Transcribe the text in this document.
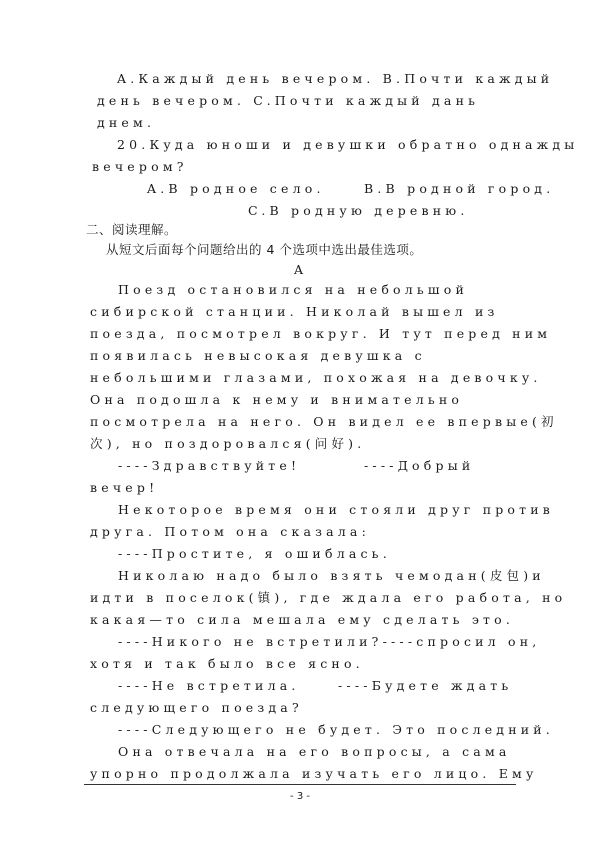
A.Каждый день вечером. B.Почти каждый
день вечером. C.Почти каждый дань
днем.
20.Куда юноши и девушки обратно однажды
вечером?
A.В родное село.	B.В родной город.
C.В родную деревню.
二、阅读理解。
从短文后面每个问题给出的 4 个选项中选出最佳选项。
A
Поезд остановился на небольшой
сибирской станции. Николай вышел из
поезда, посмотрел вокруг. И тут перед ним
появилась невысокая девушка с
небольшими глазами, похожая на девочку.
Она подошла к нему и внимательно
посмотрела на него. Он видел ее впервые(初
次), но поздоровался(问好).
----Здравствуйте!	----Добрый
вечер!
Некоторое время они стояли друг против
друга. Потом она сказала:
----Простите, я ошиблась.
Николаю надо было взять чемодан(皮包)и
идти в поселок(镇), где ждала его работа, но
какая—то сила мешала ему сделать это.
----Никого не встретили?----спросил он,
хотя и так было все ясно.
----Не встретила.	----Будете ждать
следующего поезда?
----Следующего не будет. Это последний.
Она отвечала на его вопросы, а сама
упорно продолжала изучать его лицо. Ему
- 3 -
